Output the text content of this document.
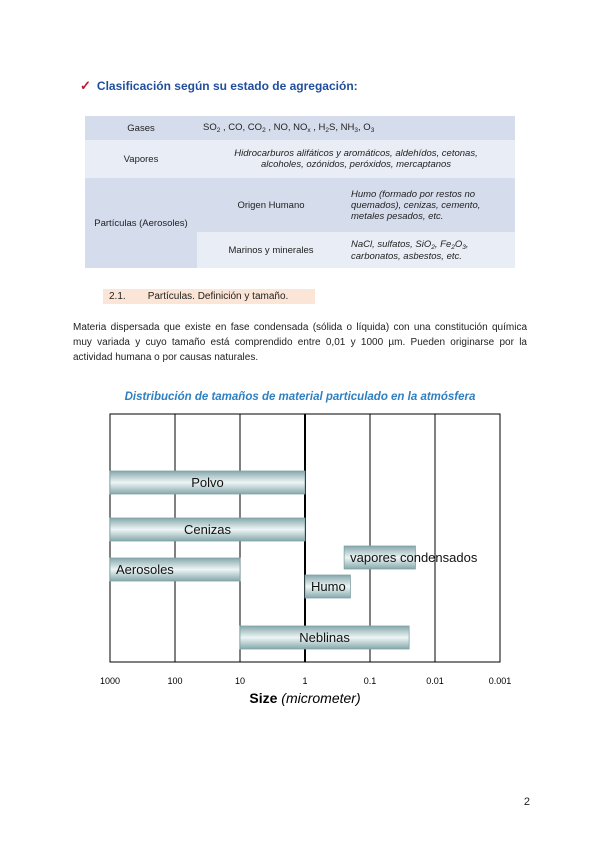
✓ Clasificación según su estado de agregación:
Gases	$SO_2$ , CO, $CO_2$ , NO, $NO_x$ , $H_2S$, $NH_3$, $O_3$
Vapores	Hidrocarburos alifáticos y aromáticos, aldehídos, cetonas, alcoholes, ozónidos, peróxidos, mercaptanos	
Partículas (Aerosoles)	Origen Humano	Humo (formado por restos no quemados), cenizas, cemento, metales pesados, etc.
	Marinos y minerales	NaCl, sulfatos, SiO$_2$, $Fe_2O_3$, carbonatos, asbestos, etc.
2.1. Partículas. Definición y tamaño.
Materia dispersada que existe en fase condensada (sólida o líquida) con una constitución química muy variada y cuyo tamaño está comprendido entre 0,01 y 1000 µm. Pueden originarse por la actividad humana o por causas naturales.
Distribución de tamaños de material particulado en la atmósfera
Polvo
Cenizas
vapores condensados
Aerosoles
Humo
Neblinas
1000	100	10	1	0.1	0.01	0.001
Size (micrometer)
2
